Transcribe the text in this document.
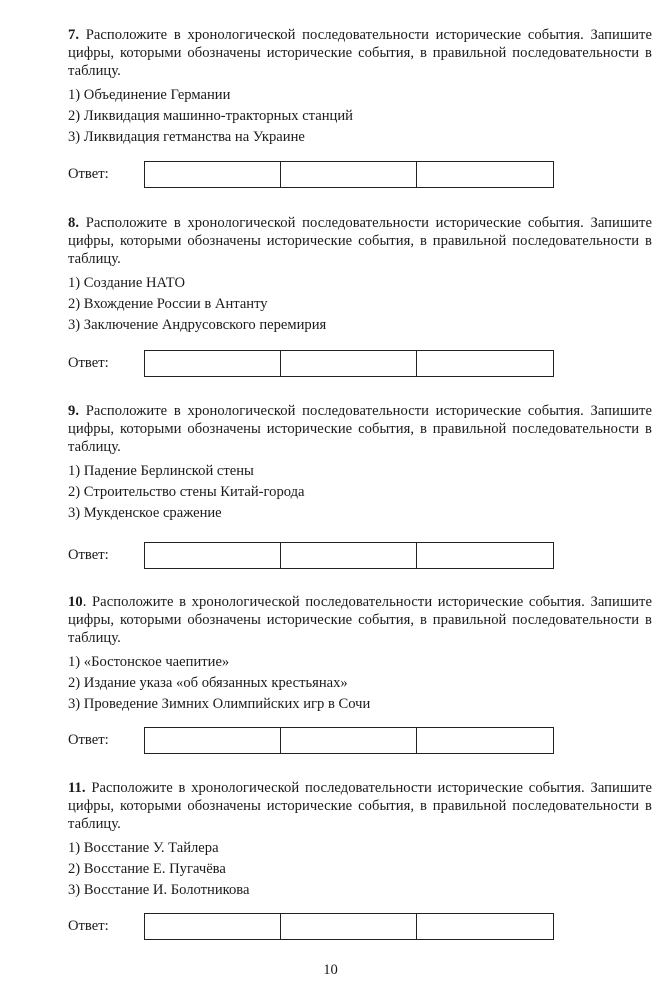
7. Расположите в хронологической последовательности исторические события. Запишите цифры, которыми обозначены исторические события, в правильной последовательности в таблицу.

1) Объединение Германии
2) Ликвидация машинно-тракторных станций
3) Ликвидация гетманства на Украине
Ответ:

8. Расположите в хронологической последовательности исторические события. Запишите цифры, которыми обозначены исторические события, в правильной последовательности в таблицу.

1) Создание НАТО
2) Вхождение России в Антанту
3) Заключение Андрусовского перемирия
Ответ:

9. Расположите в хронологической последовательности исторические события. Запишите цифры, которыми обозначены исторические события, в правильной последовательности в таблицу.

1) Падение Берлинской стены
2) Строительство стены Китай-города
3) Мукденское сражение
Ответ:

10. Расположите в хронологической последовательности исторические события. Запишите цифры, которыми обозначены исторические события, в правильной последовательности в таблицу.

1) «Бостонское чаепитие»
2) Издание указа «об обязанных крестьянах»
3) Проведение Зимних Олимпийских игр в Сочи
Ответ:

11. Расположите в хронологической последовательности исторические события. Запишите цифры, которыми обозначены исторические события, в правильной последовательности в таблицу.

1) Восстание У. Тайлера
2) Восстание Е. Пугачёва
3) Восстание И. Болотникова
Ответ:
10
